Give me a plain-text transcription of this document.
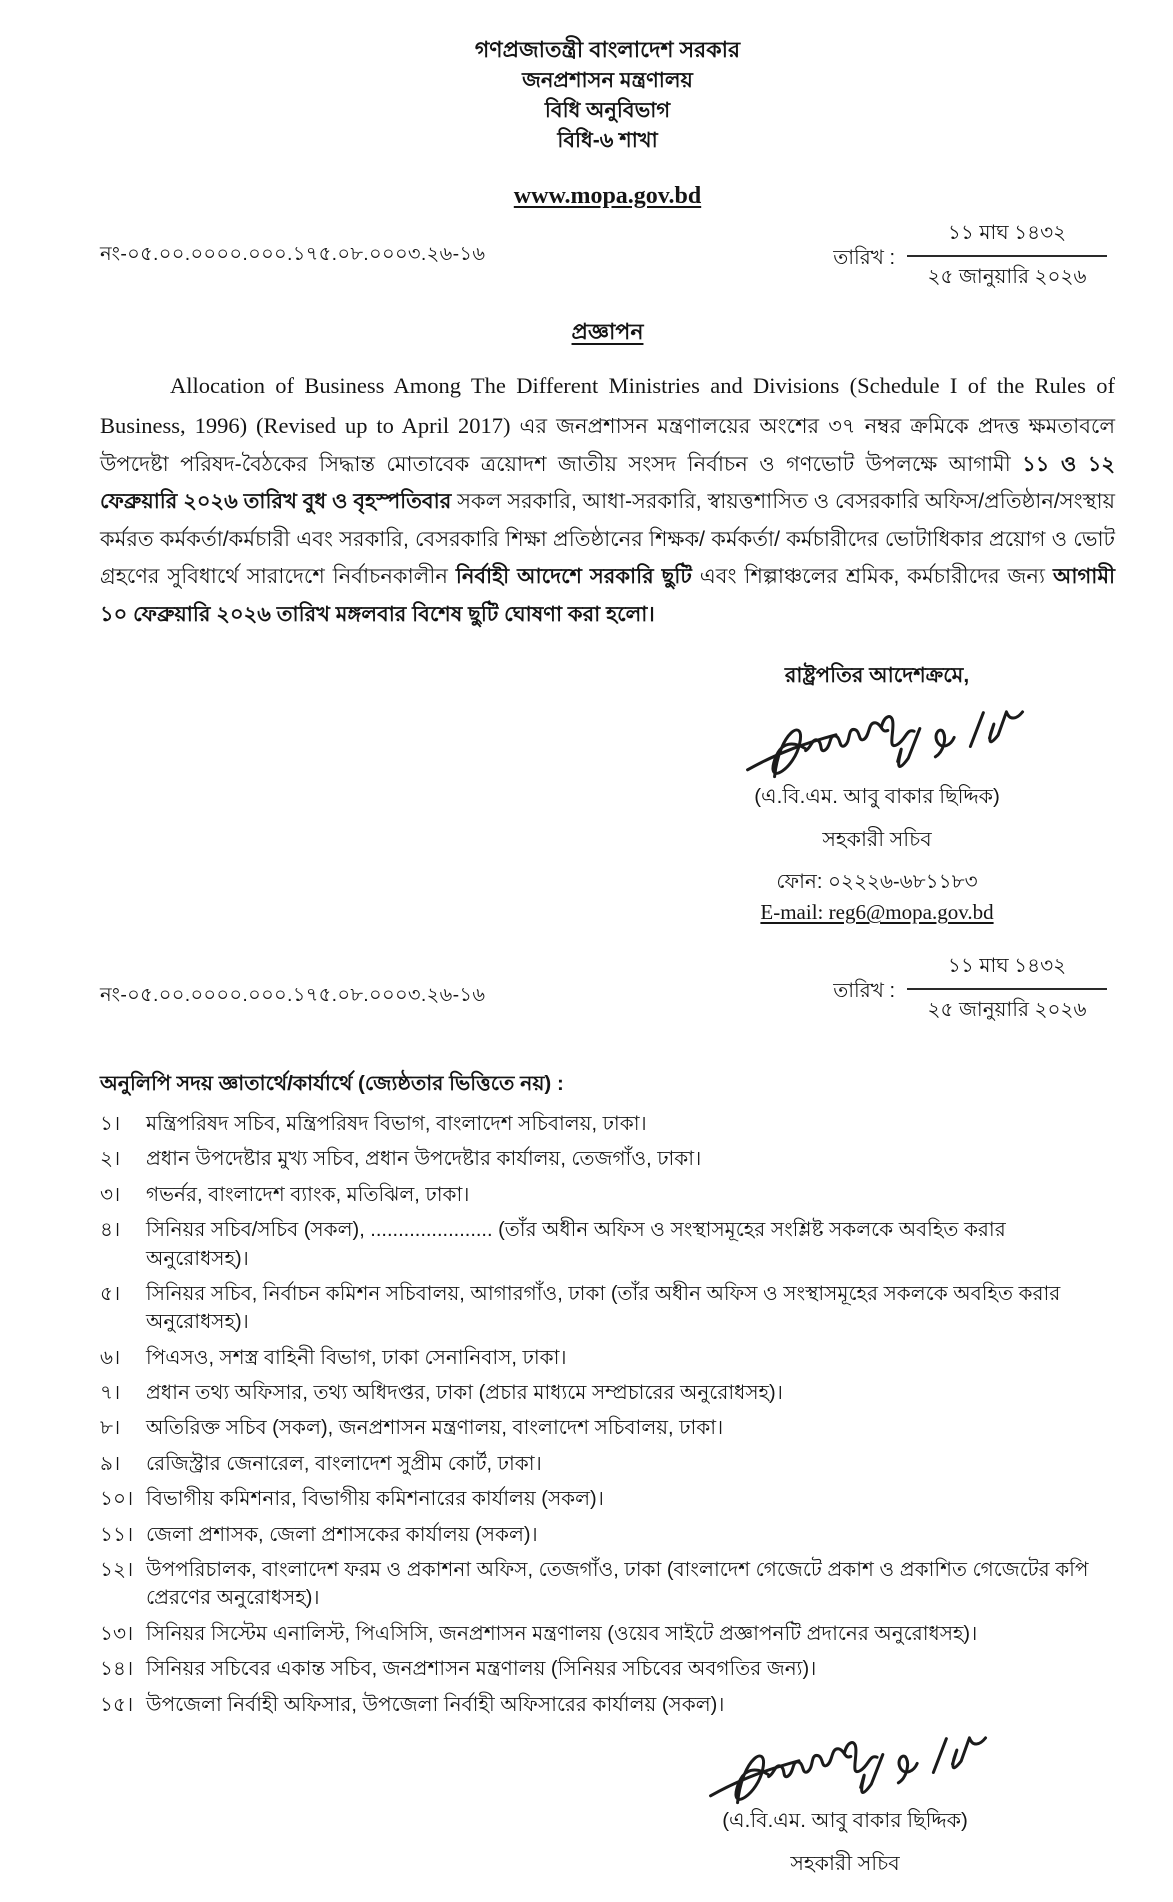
গণপ্রজাতন্ত্রী বাংলাদেশ সরকার
জনপ্রশাসন মন্ত্রণালয়
বিধি অনুবিভাগ
বিধি-৬ শাখা

www.mopa.gov.bd
নং-০৫.০০.০০০০.০০০.১৭৫.০৮.০০০৩.২৬-১৬	তারিখ :
১১ মাঘ ১৪৩২
২৫ জানুয়ারি ২০২৬
প্রজ্ঞাপন

Allocation of Business Among The Different Ministries and Divisions (Schedule I of the Rules of Business, 1996) (Revised up to April 2017) এর জনপ্রশাসন মন্ত্রণালয়ের অংশের ৩৭ নম্বর ক্রমিকে প্রদত্ত ক্ষমতাবলে উপদেষ্টা পরিষদ-বৈঠকের সিদ্ধান্ত মোতাবেক ত্রয়োদশ জাতীয় সংসদ নির্বাচন ও গণভোট উপলক্ষে আগামী ১১ ও ১২ ফেব্রুয়ারি ২০২৬ তারিখ বুধ ও বৃহস্পতিবার সকল সরকারি, আধা-সরকারি, স্বায়ত্তশাসিত ও বেসরকারি অফিস/প্রতিষ্ঠান/সংস্থায় কর্মরত কর্মকর্তা/কর্মচারী এবং সরকারি, বেসরকারি শিক্ষা প্রতিষ্ঠানের শিক্ষক/ কর্মকর্তা/ কর্মচারীদের ভোটাধিকার প্রয়োগ ও ভোট গ্রহণের সুবিধার্থে সারাদেশে নির্বাচনকালীন নির্বাহী আদেশে সরকারি ছুটি এবং শিল্পাঞ্চলের শ্রমিক, কর্মচারীদের জন্য আগামী ১০ ফেব্রুয়ারি ২০২৬ তারিখ মঙ্গলবার বিশেষ ছুটি ঘোষণা করা হলো।

রাষ্ট্রপতির আদেশক্রমে,
(এ.বি.এম. আবু বাকার ছিদ্দিক)
সহকারী সচিব
ফোন: ০২২২৬-৬৮১১৮৩
E-mail: reg6@mopa.gov.bd
নং-০৫.০০.০০০০.০০০.১৭৫.০৮.০০০৩.২৬-১৬	তারিখ :
১১ মাঘ ১৪৩২
২৫ জানুয়ারি ২০২৬
অনুলিপি সদয় জ্ঞাতার্থে/কার্যার্থে (জ্যেষ্ঠতার ভিত্তিতে নয়) :
১।	মন্ত্রিপরিষদ সচিব, মন্ত্রিপরিষদ বিভাগ, বাংলাদেশ সচিবালয়, ঢাকা।
২।	প্রধান উপদেষ্টার মুখ্য সচিব, প্রধান উপদেষ্টার কার্যালয়, তেজগাঁও, ঢাকা।
৩।	গভর্নর, বাংলাদেশ ব্যাংক, মতিঝিল, ঢাকা।
৪।	সিনিয়র সচিব/সচিব (সকল), ...................... (তাঁর অধীন অফিস ও সংস্থাসমূহের সংশ্লিষ্ট সকলকে অবহিত করার অনুরোধসহ)।
৫।	সিনিয়র সচিব, নির্বাচন কমিশন সচিবালয়, আগারগাঁও, ঢাকা (তাঁর অধীন অফিস ও সংস্থাসমূহের সকলকে অবহিত করার অনুরোধসহ)।
৬।	পিএসও, সশস্ত্র বাহিনী বিভাগ, ঢাকা সেনানিবাস, ঢাকা।
৭।	প্রধান তথ্য অফিসার, তথ্য অধিদপ্তর, ঢাকা (প্রচার মাধ্যমে সম্প্রচারের অনুরোধসহ)।
৮।	অতিরিক্ত সচিব (সকল), জনপ্রশাসন মন্ত্রণালয়, বাংলাদেশ সচিবালয়, ঢাকা।
৯।	রেজিস্ট্রার জেনারেল, বাংলাদেশ সুপ্রীম কোর্ট, ঢাকা।
১০। বিভাগীয় কমিশনার, বিভাগীয় কমিশনারের কার্যালয় (সকল)।
১১। জেলা প্রশাসক, জেলা প্রশাসকের কার্যালয় (সকল)।
১২। উপপরিচালক, বাংলাদেশ ফরম ও প্রকাশনা অফিস, তেজগাঁও, ঢাকা (বাংলাদেশ গেজেটে প্রকাশ ও প্রকাশিত গেজেটের কপি প্রেরণের অনুরোধসহ)।
১৩। সিনিয়র সিস্টেম এনালিস্ট, পিএসিসি, জনপ্রশাসন মন্ত্রণালয় (ওয়েব সাইটে প্রজ্ঞাপনটি প্রদানের অনুরোধসহ)।
১৪। সিনিয়র সচিবের একান্ত সচিব, জনপ্রশাসন মন্ত্রণালয় (সিনিয়র সচিবের অবগতির জন্য)।
১৫। উপজেলা নির্বাহী অফিসার, উপজেলা নির্বাহী অফিসারের কার্যালয় (সকল)।
(এ.বি.এম. আবু বাকার ছিদ্দিক)
সহকারী সচিব
